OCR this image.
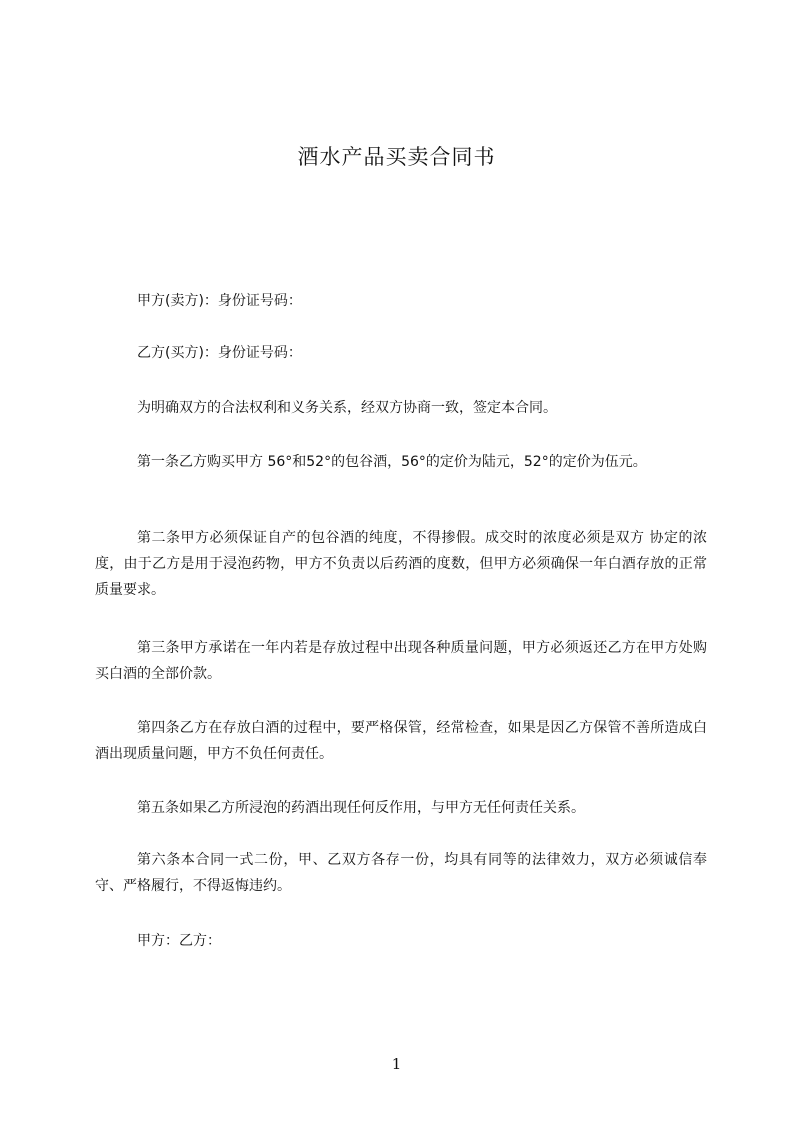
酒水产品买卖合同书

甲方(卖方)：身份证号码：

乙方(买方)：身份证号码：

为明确双方的合法权利和义务关系，经双方协商一致，签定本合同。

第一条乙方购买甲方 56°和52°的包谷酒，56°的定价为陆元，52°的定价为伍元。

第二条甲方必须保证自产的包谷酒的纯度，不得掺假。成交时的浓度必须是双方 协定的浓度，由于乙方是用于浸泡药物，甲方不负责以后药酒的度数，但甲方必须确保一年白酒存放的正常质量要求。

第三条甲方承诺在一年内若是存放过程中出现各种质量问题，甲方必须返还乙方在甲方处购买白酒的全部价款。

第四条乙方在存放白酒的过程中，要严格保管，经常检查，如果是因乙方保管不善所造成白酒出现质量问题，甲方不负任何责任。

第五条如果乙方所浸泡的药酒出现任何反作用，与甲方无任何责任关系。

第六条本合同一式二份，甲、乙双方各存一份，均具有同等的法律效力，双方必须诚信奉守、严格履行，不得返悔违约。

甲方：乙方：

1
